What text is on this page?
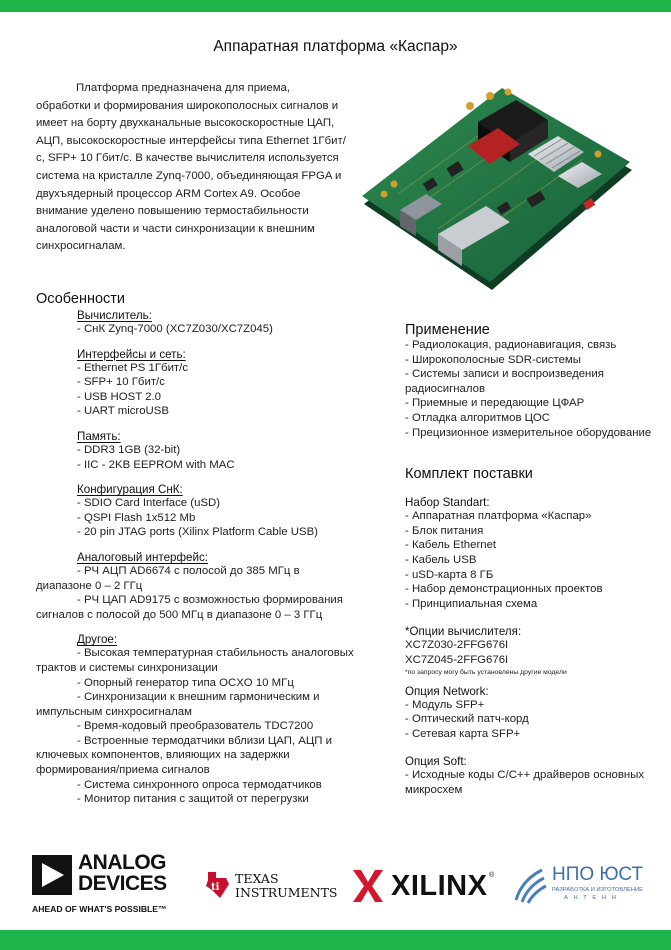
Аппаратная платформа «Каспар»
Платформа предназначена для приема, обработки и формирования широкополосных сигналов и имеет на борту двухканальные высокоскоростные ЦАП, АЦП, высокоскоростные интерфейсы типа Ethernet 1Гбит/с, SFP+ 10 Гбит/с. В качестве вычислителя используется система на кристалле Zynq-7000, объединяющая FPGA и двухъядерный процессор ARM Cortex A9. Особое внимание уделено повышению термостабильности аналоговой части и части синхронизации к внешним синхросигналам.
Особенности
Вычислитель:
- СнК Zynq-7000 (XC7Z030/XC7Z045)
Интерфейсы и сеть:
- Ethernet PS 1Гбит/с
- SFP+ 10 Гбит/с
- USB HOST 2.0
- UART microUSB
Память:
- DDR3 1GB (32-bit)
- IIC - 2KB EEPROM with MAC
Конфигурация СнК:
- SDIO Card Interface (uSD)
- QSPI Flash 1x512 Mb
- 20 pin JTAG ports (Xilinx Platform Cable USB)
Аналоговый интерфейс:
- РЧ АЦП AD6674 с полосой до 385 МГц в диапазоне 0 – 2 ГГц
- РЧ ЦАП AD9175 с возможностью формирования сигналов с полосой до 500 МГц в диапазоне 0 – 3 ГГц
Другое:
- Высокая температурная стабильность аналоговых трактов и системы синхронизации
- Опорный генератор типа OCXO 10 МГц
- Синхронизации к внешним гармоническим и импульсным синхросигналам
- Время-кодовый преобразователь TDC7200
- Встроенные термодатчики вблизи ЦАП, АЦП и ключевых компонентов, влияющих на задержки формирования/приема сигналов
- Система синхронного опроса термодатчиков
- Монитор питания с защитой от перегрузки
Применение
- Радиолокация, радионавигация, связь
- Широкополосные SDR-системы
- Системы записи и воспроизведения радиосигналов
- Приемные и передающие ЦФАР
- Отладка алгоритмов ЦОС
- Прецизионное измерительное оборудование
Комплект поставки
Набор Standart:
- Аппаратная платформа «Каспар»
- Блок питания
- Кабель Ethernet
- Кабель USB
- uSD-карта 8 ГБ
- Набор демонстрационных проектов
- Принципиальная схема
*Опции вычислителя:
XC7Z030-2FFG676I
XC7Z045-2FFG676I
*по запросу могу быть установлены другие модели
Опция Network:
- Модуль SFP+
- Оптический патч-корд
- Сетевая карта SFP+
Опция Soft:
- Исходные коды C/C++ драйверов основных микросхем
ANALOG
DEVICES
AHEAD OF WHAT'S POSSIBLE™
ti
TEXAS
INSTRUMENTS XILINX ®	НПО ЮСТ
РАЗРАБОТКА И ИЗГОТОВЛЕНИЕ
А Н Т Е Н Н
